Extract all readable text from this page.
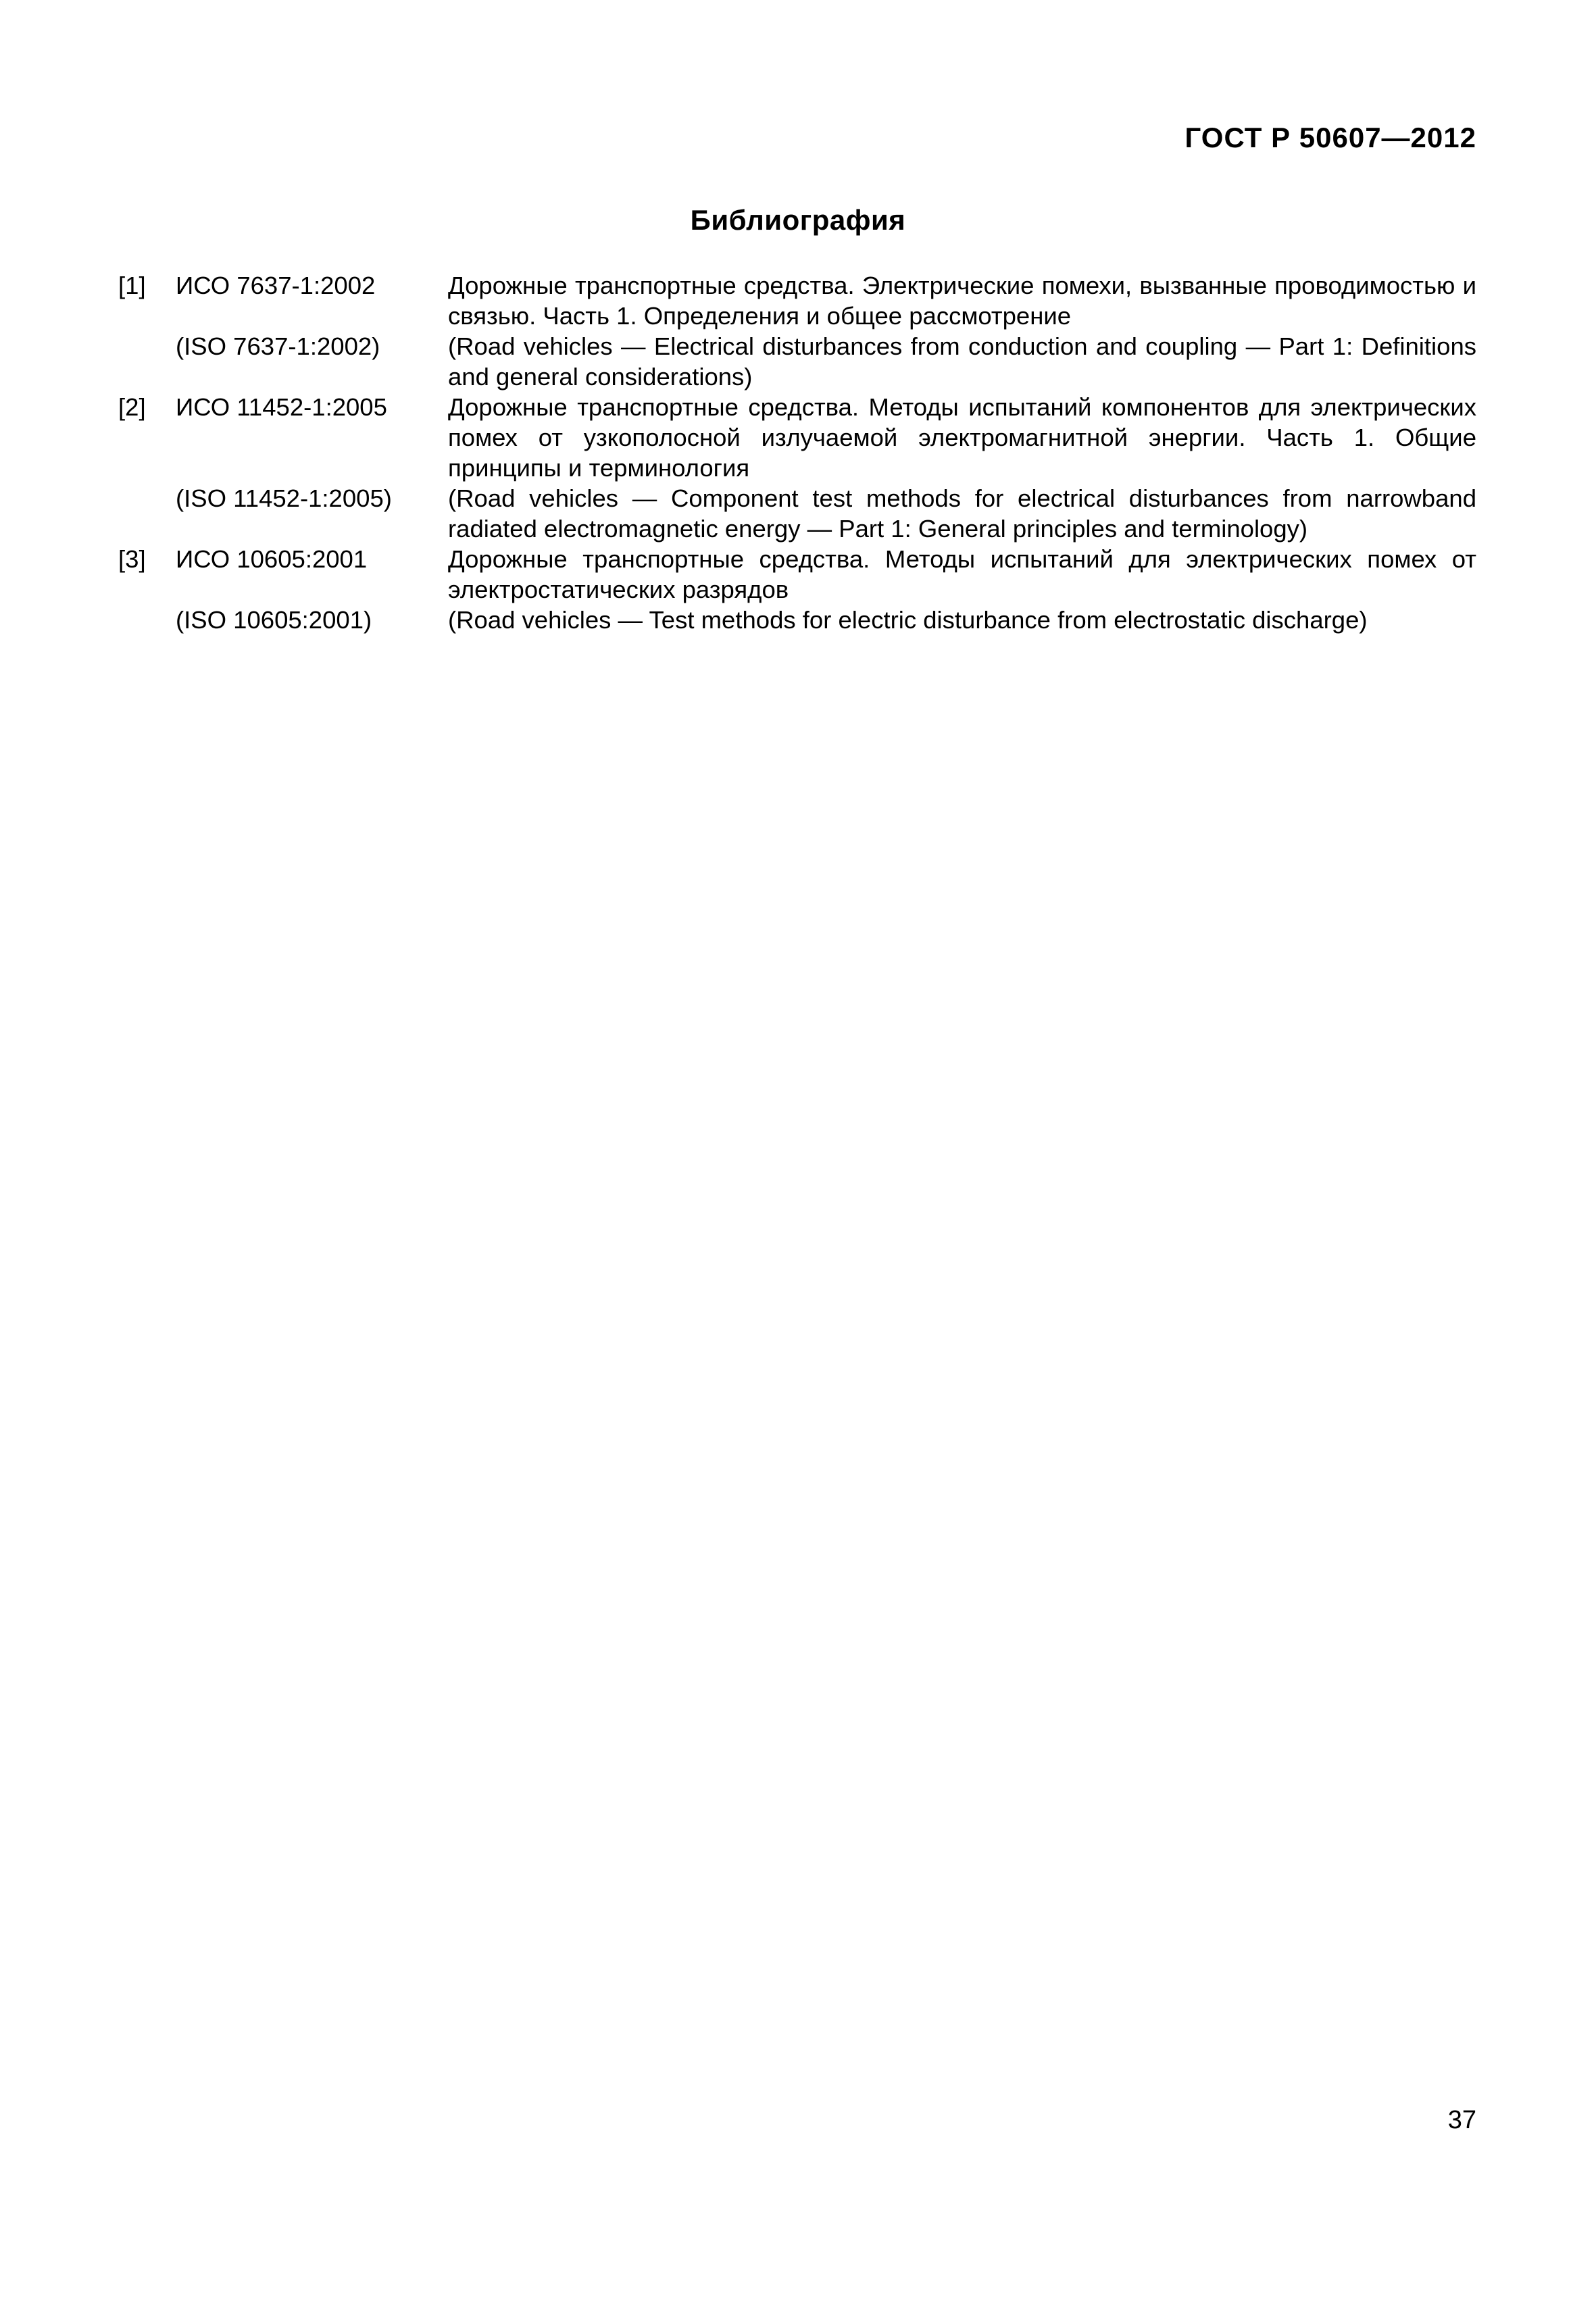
ГОСТ Р 50607—2012
Библиография
[1]	ИСО 7637-1:2002	Дорожные транспортные средства. Электрические помехи, вызванные проводимостью и связью. Часть 1. Определения и общее рассмотрение
	(ISO 7637-1:2002)	(Road vehicles — Electrical disturbances from conduction and coupling — Part 1: Definitions and general considerations)
[2]	ИСО 11452-1:2005	Дорожные транспортные средства. Методы испытаний компонентов для электрических помех от узкополосной излучаемой электромагнитной энергии. Часть 1. Общие принципы и терминология
	(ISO 11452-1:2005)	(Road vehicles — Component test methods for electrical disturbances from narrowband radiated electromagnetic energy — Part 1: General principles and terminology)
[3]	ИСО 10605:2001	Дорожные транспортные средства. Методы испытаний для электрических помех от электростатических разрядов
	(ISO 10605:2001)	(Road vehicles — Test methods for electric disturbance from electrostatic discharge)
37
